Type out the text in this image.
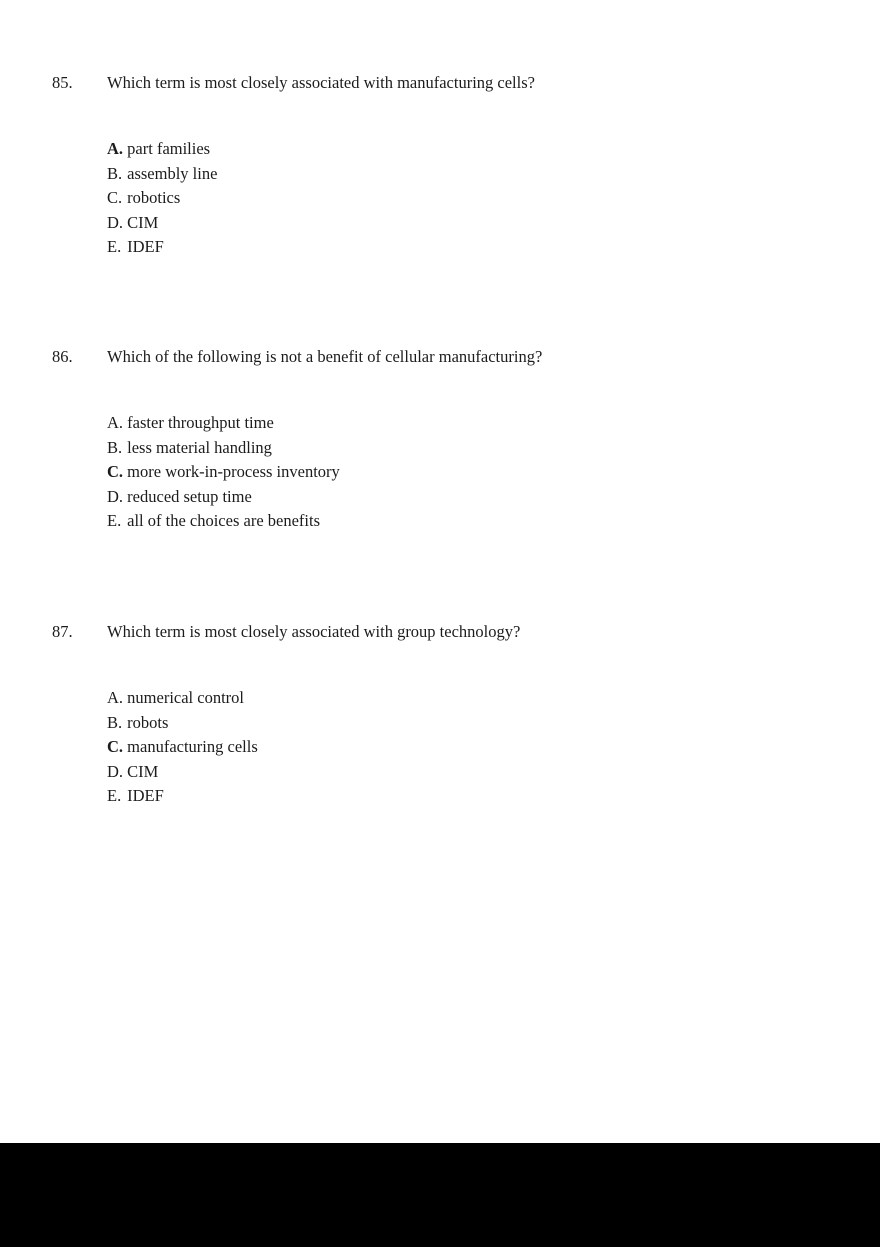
85. Which term is most closely associated with manufacturing cells?
A. part families
B. assembly line
C. robotics
D. CIM
E. IDEF
86. Which of the following is not a benefit of cellular manufacturing?
A. faster throughput time
B. less material handling
C. more work-in-process inventory
D. reduced setup time
E. all of the choices are benefits
87. Which term is most closely associated with group technology?
A. numerical control
B. robots
C. manufacturing cells
D. CIM
E. IDEF
